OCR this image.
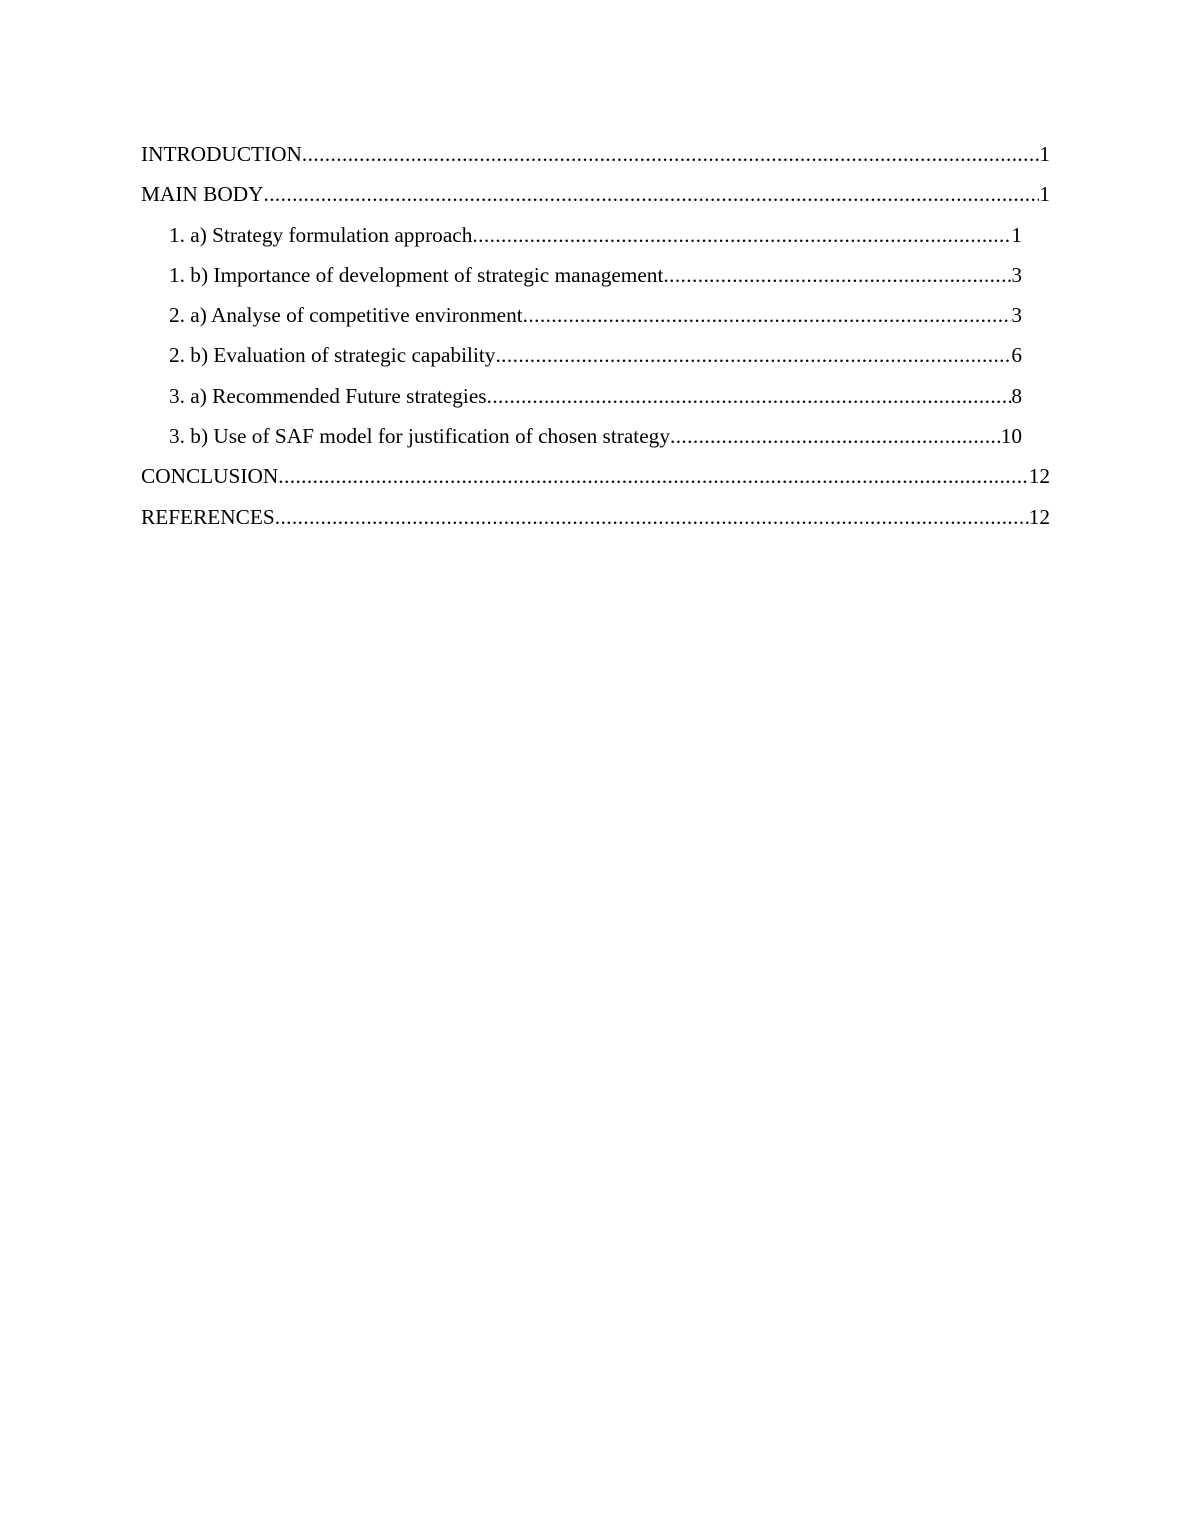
INTRODUCTION .....	1
MAIN BODY .....	1
1. a) Strategy formulation approach .....	1
1. b) Importance of development of strategic management .....	3
2. a) Analyse of competitive environment .....	3
2. b) Evaluation of strategic capability .....	6
3. a) Recommended Future strategies .....	8
3. b) Use of SAF model for justification of chosen strategy .....	10
CONCLUSION .....	12
REFERENCES .....	12
